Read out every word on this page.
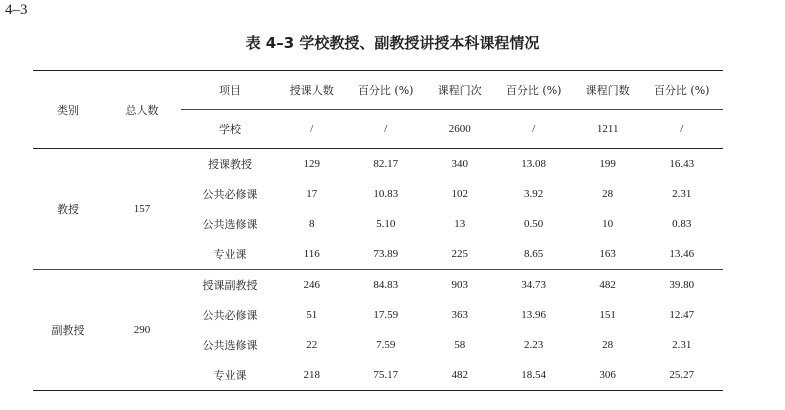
4–3
表 4–3 学校教授、副教授讲授本科课程情况
类别	总人数	项目	授课人数	百分比 (%)	课程门次	百分比 (%)	课程门数	百分比 (%)
		学校	/	/	2600	/	1211	/
教授	157	授课教授	129	82.17	340	13.08	199	16.43
		公共必修课	17	10.83	102	3.92	28	2.31
		公共选修课	8	5.10	13	0.50	10	0.83
		专业课	116	73.89	225	8.65	163	13.46
副教授	290	授课副教授	246	84.83	903	34.73	482	39.80
		公共必修课	51	17.59	363	13.96	151	12.47
		公共选修课	22	7.59	58	2.23	28	2.31
		专业课	218	75.17	482	18.54	306	25.27
